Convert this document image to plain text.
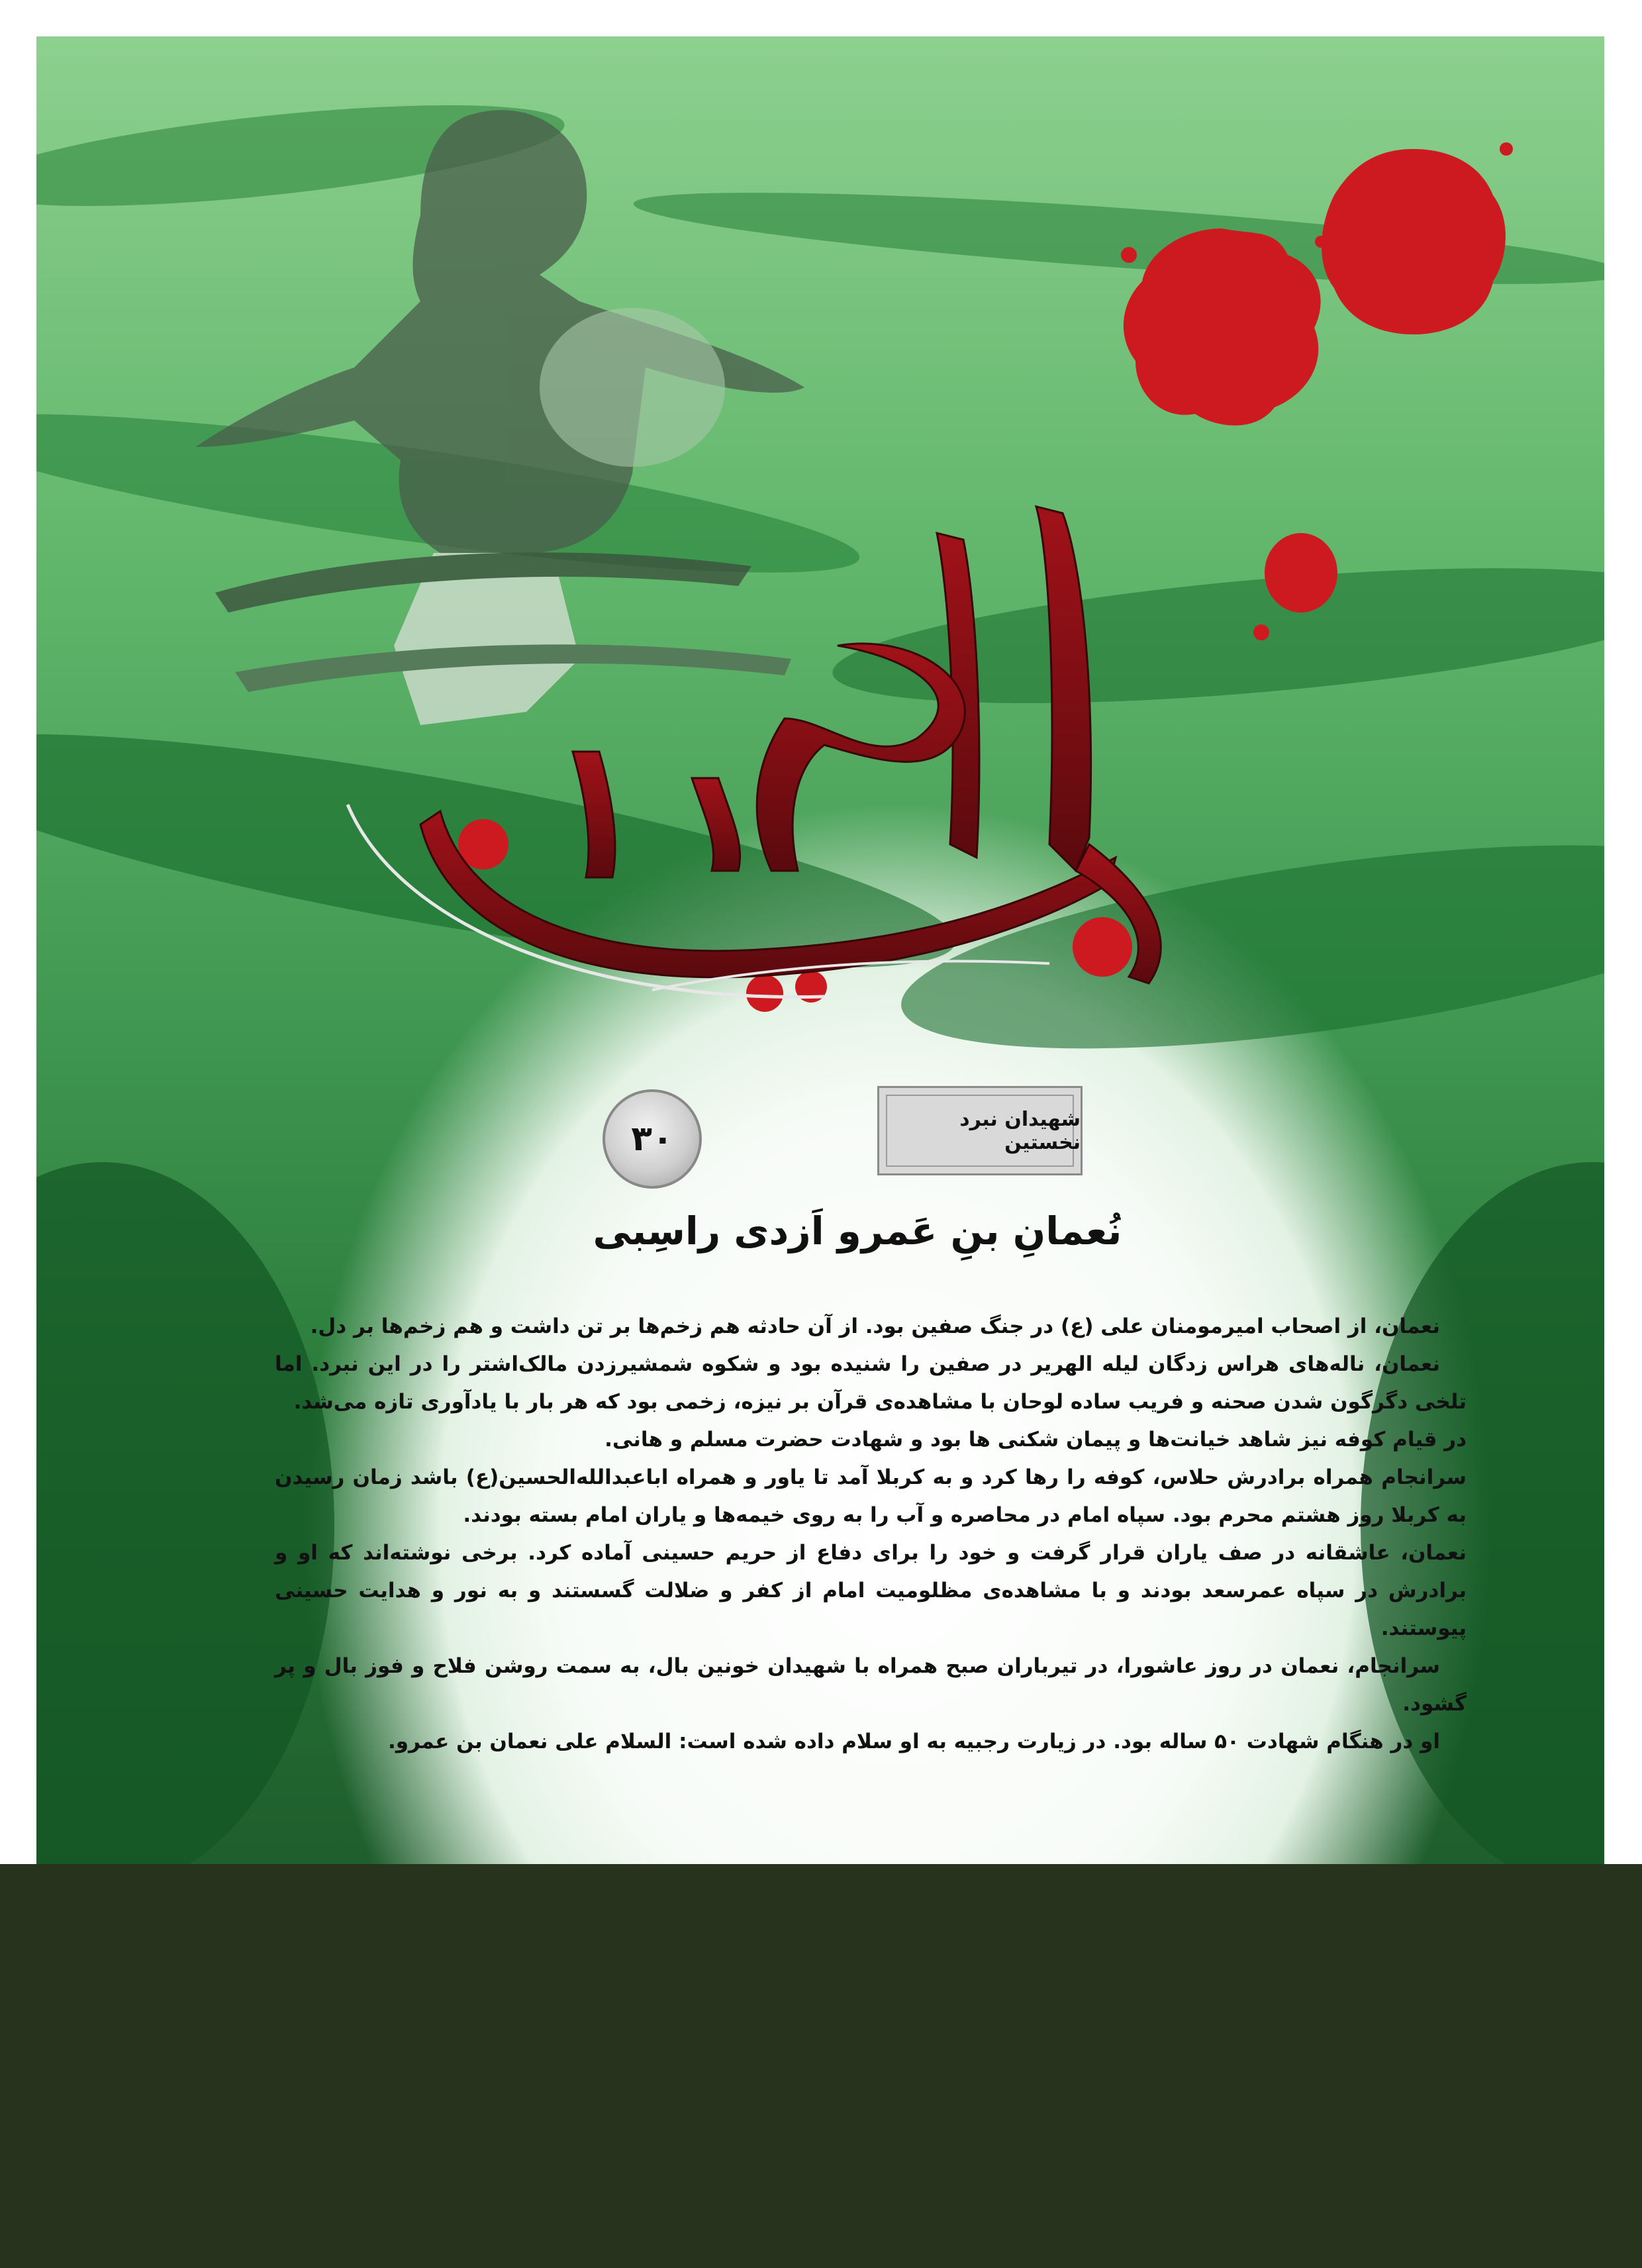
شهیدان نبرد نخستین
۳۰
نُعمانِ بنِ عَمرو اَزدی راسِبی

نعمان، از اصحاب امیرمومنان علی (ع) در جنگ صفین بود. از آن حادثه هم زخم‌ها بر تن داشت و هم زخم‌ها بر دل.

نعمان، ناله‌های هراس زدگان لیله الهریر در صفین را شنیده بود و شکوه شمشیرزدن مالک‌اشتر را در این نبرد. اما تلخی دگرگون شدن صحنه و فریب ساده لوحان با مشاهده‌ی قرآن بر نیزه، زخمی بود که هر بار با یادآوری تازه می‌شد.

در قیام کوفه نیز شاهد خیانت‌ها و پیمان شکنی ها بود و شهادت حضرت مسلم و هانی.

سرانجام همراه برادرش حلاس، کوفه را رها کرد و به کربلا آمد تا یاور و همراه اباعبدالله‌الحسین(ع) باشد زمان رسیدن به کربلا روز هشتم محرم بود. سپاه امام در محاصره و آب را به روی خیمه‌ها و یاران امام بسته بودند.

نعمان، عاشقانه در صف یاران قرار گرفت و خود را برای دفاع از حریم حسینی آماده کرد. برخی نوشته‌اند که او و برادرش در سپاه عمرسعد بودند و با مشاهده‌ی مظلومیت امام از کفر و ضلالت گسستند و به نور و هدایت حسینی پیوستند.

سرانجام، نعمان در روز عاشورا، در تیرباران صبح همراه با شهیدان خونین بال، به سمت روشن فلاح و فوز بال و پر گشود.

او در هنگام شهادت ۵۰ ساله بود. در زیارت رجبیه به او سلام داده شده است: السلام علی نعمان بن عمرو.
